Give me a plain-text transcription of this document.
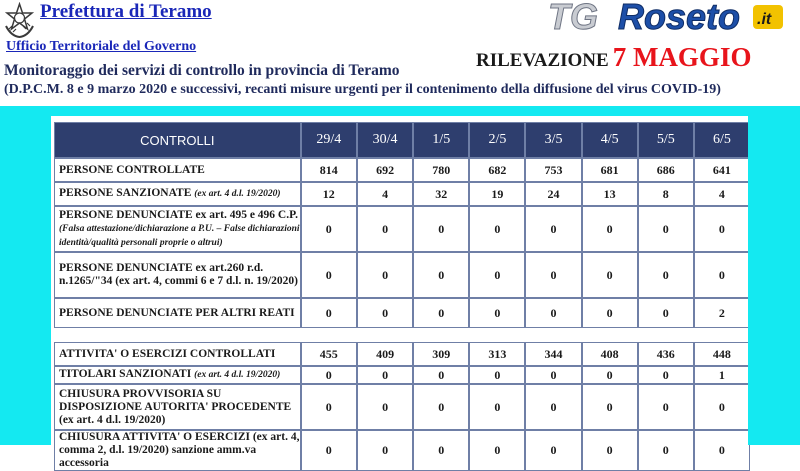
Prefettura di Teramo
Ufficio Territoriale del Governo
TG Roseto .it
RILEVAZIONE 7 MAGGIO
Monitoraggio dei servizi di controllo in provincia di Teramo
(D.P.C.M. 8 e 9 marzo 2020 e successivi, recanti misure urgenti per il contenimento della diffusione del virus COVID-19)
CONTROLLI	29/4	30/4	1/5	2/5	3/5	4/5	5/5	6/5
PERSONE CONTROLLATE	814	692	780	682	753	681	686	641
PERSONE SANZIONATE (ex art. 4 d.l. 19/2020)	12	4	32	19	24	13	8	4
PERSONE DENUNCIATE ex art. 495 e 496 C.P. (Falsa attestazione/dichiarazione a P.U. – False dichiarazioni identità/qualità personali proprie o altrui)	0	0	0	0	0	0	0	0
PERSONE DENUNCIATE ex art.260 r.d. n.1265/"34 (ex art. 4, commi 6 e 7 d.l. n. 19/2020)	0	0	0	0	0	0	0	0
PERSONE DENUNCIATE PER ALTRI REATI	0	0	0	0	0	0	0	2

ATTIVITA' O ESERCIZI CONTROLLATI	455	409	309	313	344	408	436	448
TITOLARI SANZIONATI (ex art. 4 d.l. 19/2020)	0	0	0	0	0	0	0	1
CHIUSURA PROVVISORIA SU DISPOSIZIONE AUTORITA' PROCEDENTE (ex art. 4 d.l. 19/2020)	0	0	0	0	0	0	0	0
CHIUSURA ATTIVITA' O ESERCIZI (ex art. 4, comma 2, d.l. 19/2020) sanzione amm.va accessoria	0	0	0	0	0	0	0	0
